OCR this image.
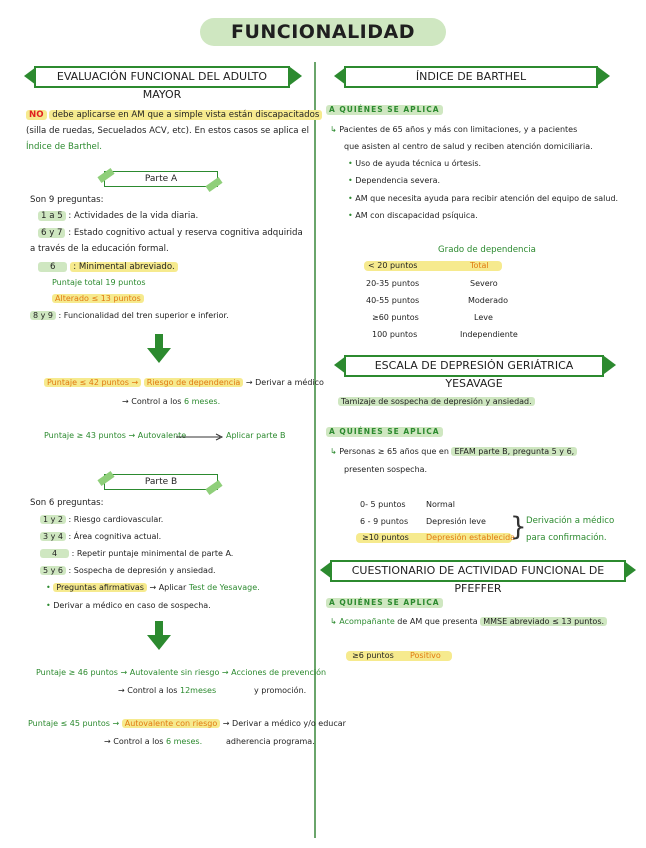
FUNCIONALIDAD
EVALUACIÓN FUNCIONAL DEL ADULTO MAYOR
NO debe aplicarse en AM que a simple vista están discapacitados
(silla de ruedas, Secuelados ACV, etc). En estos casos se aplica el
Índice de Barthel.
Parte A
Son 9 preguntas:
1 a 5 : Actividades de la vida diaria.
6 y 7 : Estado cognitivo actual y reserva cognitiva adquirida
a través de la educación formal.
6 : Minimental abreviado.
Puntaje total 19 puntos
Alterado ≤ 13 puntos
8 y 9 : Funcionalidad del tren superior e inferior.
Puntaje ≤ 42 puntos → Riesgo de dependencia → Derivar a médico
→ Control a los 6 meses.
Puntaje ≥ 43 puntos → Autovalente	Aplicar parte B
Parte B
Son 6 preguntas:
1 y 2 : Riesgo cardiovascular.
3 y 4 : Área cognitiva actual.
4 : Repetir puntaje minimental de parte A.
5 y 6 : Sospecha de depresión y ansiedad.
• Preguntas afirmativas → Aplicar Test de Yesavage.
• Derivar a médico en caso de sospecha.
Puntaje ≥ 46 puntos → Autovalente sin riesgo → Acciones de prevención
→ Control a los 12meses	y promoción.
Puntaje ≤ 45 puntos → Autovalente con riesgo → Derivar a médico y/o educar
→ Control a los 6 meses.	adherencia programa.
ÍNDICE DE BARTHEL
A QUIÉNES SE APLICA
↳ Pacientes de 65 años y más con limitaciones, y a pacientes
que asisten al centro de salud y reciben atención domiciliaria.
• Uso de ayuda técnica u órtesis.
• Dependencia severa.
• AM que necesita ayuda para recibir atención del equipo de salud.
• AM con discapacidad psíquica.
Grado de dependencia
< 20 puntos	Total
20-35 puntos	Severo
40-55 puntos	Moderado
≥60 puntos	Leve
100 puntos	Independiente
ESCALA DE DEPRESIÓN GERIÁTRICA YESAVAGE
Tamizaje de sospecha de depresión y ansiedad.
A QUIÉNES SE APLICA
↳ Personas ≥ 65 años que en EFAM parte B, pregunta 5 y 6,
presenten sospecha.
0- 5 puntos	Normal
6 - 9 puntos Depresión leve
≥10 puntos Depresión establecida
} Derivación a médico
para confirmación.
CUESTIONARIO DE ACTIVIDAD FUNCIONAL DE PFEFFER
A QUIÉNES SE APLICA
↳ Acompañante de AM que presenta MMSE abreviado ≤ 13 puntos.
≥6 puntos Positivo
